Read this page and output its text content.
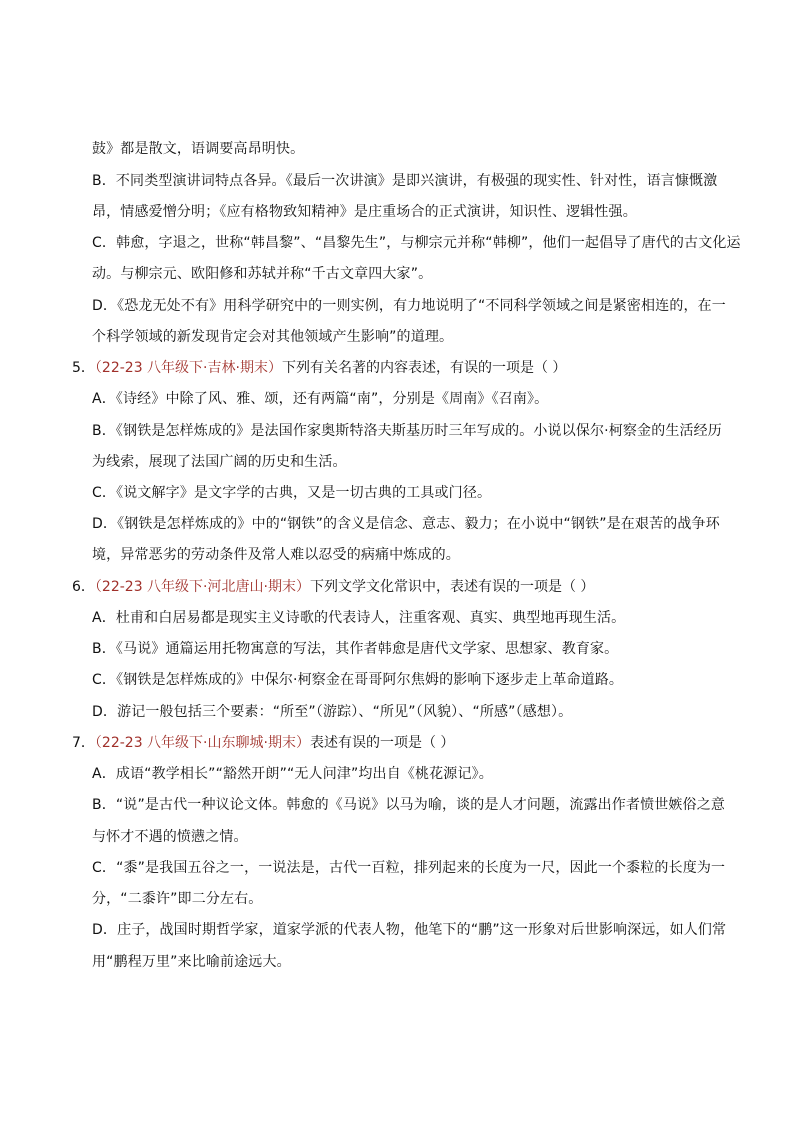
鼓》都是散文，语调要高昂明快。
B．不同类型演讲词特点各异。《最后一次讲演》是即兴演讲，有极强的现实性、针对性，语言慷慨激
昂，情感爱憎分明；《应有格物致知精神》是庄重场合的正式演讲，知识性、逻辑性强。
C．韩愈，字退之，世称“韩昌黎”、“昌黎先生”，与柳宗元并称“韩柳”，他们一起倡导了唐代的古文化运
动。与柳宗元、欧阳修和苏轼并称“千古文章四大家”。
D．《恐龙无处不有》用科学研究中的一则实例，有力地说明了“不同科学领域之间是紧密相连的，在一
个科学领域的新发现肯定会对其他领域产生影响”的道理。
5．（22-23 八年级下·吉林·期末）下列有关名著的内容表述，有误的一项是（ ）
A．《诗经》中除了风、雅、颂，还有两篇“南”，分别是《周南》《召南》。
B．《钢铁是怎样炼成的》是法国作家奥斯特洛夫斯基历时三年写成的。小说以保尔·柯察金的生活经历
为线索，展现了法国广阔的历史和生活。
C．《说文解字》是文字学的古典，又是一切古典的工具或门径。
D．《钢铁是怎样炼成的》中的“钢铁”的含义是信念、意志、毅力；在小说中“钢铁”是在艰苦的战争环
境，异常恶劣的劳动条件及常人难以忍受的病痛中炼成的。
6．（22-23 八年级下·河北唐山·期末）下列文学文化常识中，表述有误的一项是（ ）
A．杜甫和白居易都是现实主义诗歌的代表诗人，注重客观、真实、典型地再现生活。
B．《马说》通篇运用托物寓意的写法，其作者韩愈是唐代文学家、思想家、教育家。
C．《钢铁是怎样炼成的》中保尔·柯察金在哥哥阿尔焦姆的影响下逐步走上革命道路。
D．游记一般包括三个要素：“所至”（游踪）、“所见”（风貌）、“所感”（感想）。
7．（22-23 八年级下·山东聊城·期末）表述有误的一项是（ ）
A．成语“教学相长”“豁然开朗”“无人问津”均出自《桃花源记》。
B．“说”是古代一种议论文体。韩愈的《马说》以马为喻，谈的是人才问题，流露出作者愤世嫉俗之意
与怀才不遇的愤懑之情。
C．“黍”是我国五谷之一，一说法是，古代一百粒，排列起来的长度为一尺，因此一个黍粒的长度为一
分，“二黍许”即二分左右。
D．庄子，战国时期哲学家，道家学派的代表人物，他笔下的“鹏”这一形象对后世影响深远，如人们常
用“鹏程万里”来比喻前途远大。
